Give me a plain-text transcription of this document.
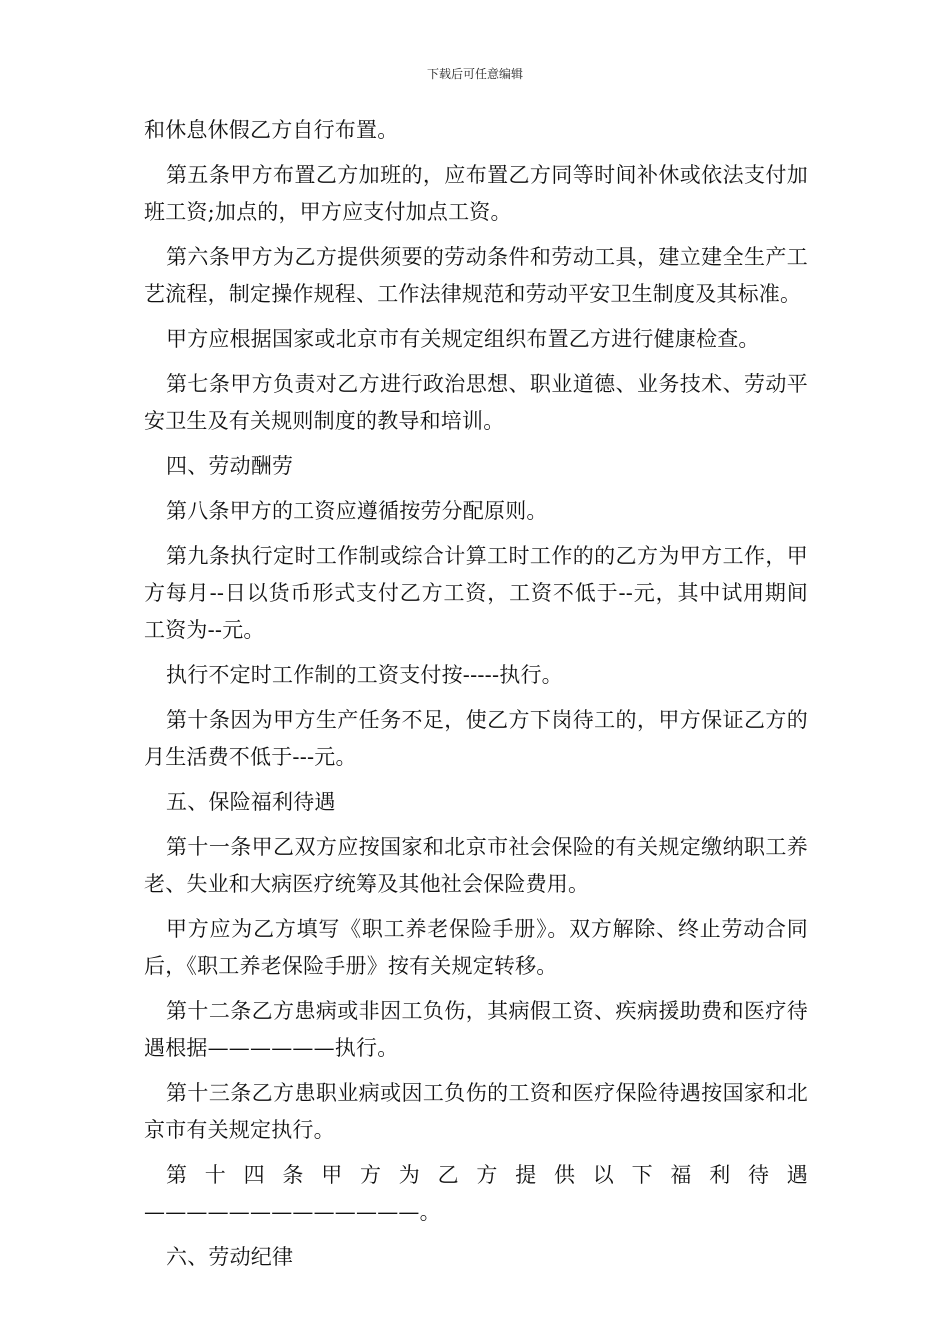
下载后可任意编辑

和休息休假乙方自行布置。

第五条甲方布置乙方加班的，应布置乙方同等时间补休或依法支付加班工资;加点的，甲方应支付加点工资。

第六条甲方为乙方提供须要的劳动条件和劳动工具，建立建全生产工艺流程，制定操作规程、工作法律规范和劳动平安卫生制度及其标准。

甲方应根据国家或北京市有关规定组织布置乙方进行健康检查。

第七条甲方负责对乙方进行政治思想、职业道德、业务技术、劳动平安卫生及有关规则制度的教导和培训。

四、劳动酬劳

第八条甲方的工资应遵循按劳分配原则。

第九条执行定时工作制或综合计算工时工作的的乙方为甲方工作，甲方每月--日以货币形式支付乙方工资，工资不低于--元，其中试用期间工资为--元。

执行不定时工作制的工资支付按-----执行。

第十条因为甲方生产任务不足，使乙方下岗待工的，甲方保证乙方的月生活费不低于---元。

五、保险福利待遇

第十一条甲乙双方应按国家和北京市社会保险的有关规定缴纳职工养老、失业和大病医疗统筹及其他社会保险费用。

甲方应为乙方填写《职工养老保险手册》。双方解除、终止劳动合同后，《职工养老保险手册》按有关规定转移。

第十二条乙方患病或非因工负伤，其病假工资、疾病援助费和医疗待遇根据——————执行。

第十三条乙方患职业病或因工负伤的工资和医疗保险待遇按国家和北京市有关规定执行。

第十四条甲方为乙方提供以下福利待遇—————————————。

六、劳动纪律
